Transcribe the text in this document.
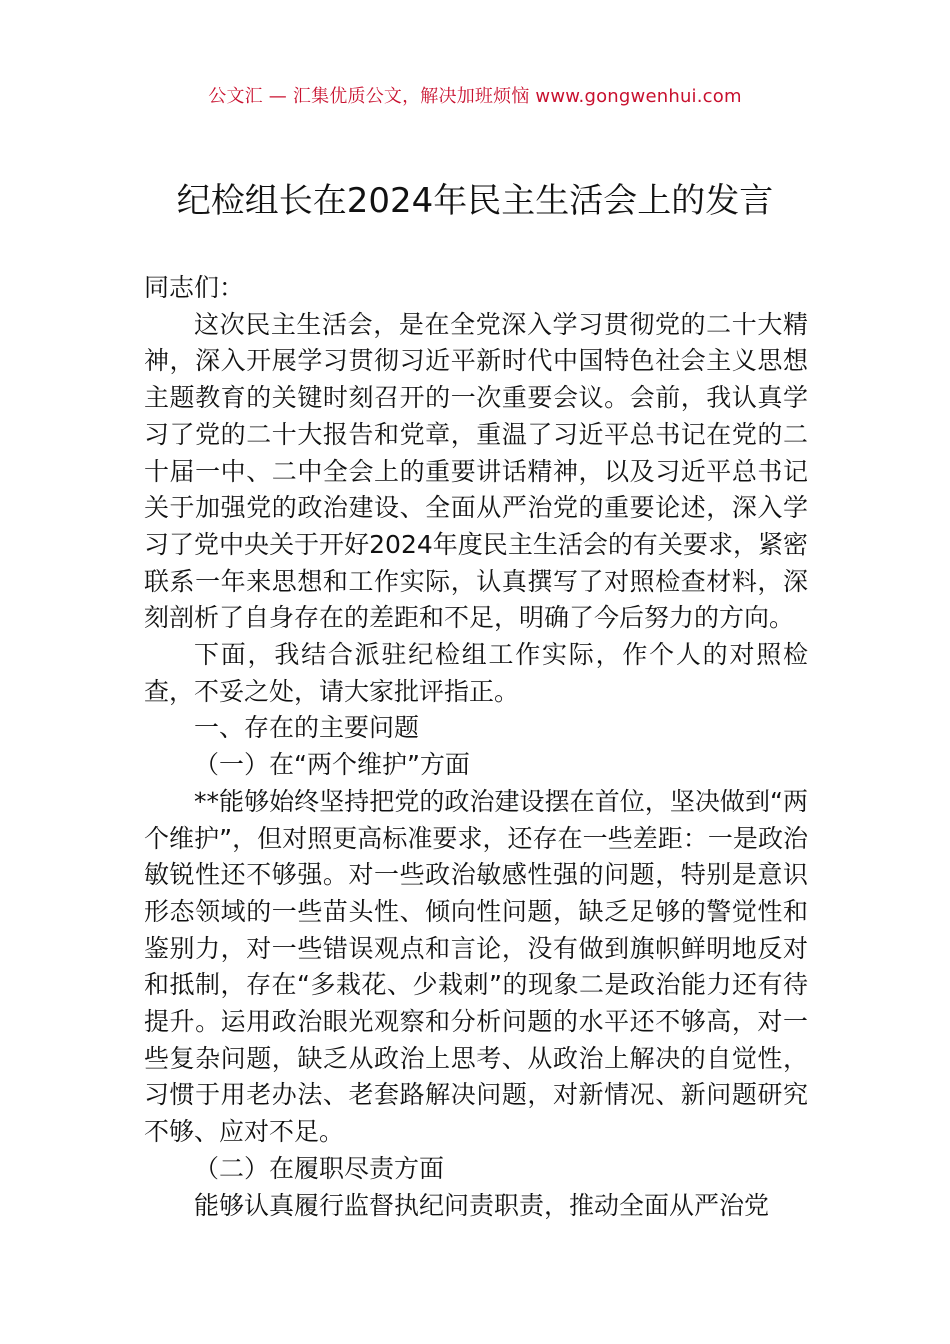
公文汇 — 汇集优质公文，解决加班烦恼 www.gongwenhui.com
纪检组长在2024年民主生活会上的发言

同志们：

这次民主生活会，是在全党深入学习贯彻党的二十大精神，深入开展学习贯彻习近平新时代中国特色社会主义思想主题教育的关键时刻召开的一次重要会议。会前，我认真学习了党的二十大报告和党章，重温了习近平总书记在党的二十届一中、二中全会上的重要讲话精神，以及习近平总书记关于加强党的政治建设、全面从严治党的重要论述，深入学习了党中央关于开好2024年度民主生活会的有关要求，紧密联系一年来思想和工作实际，认真撰写了对照检查材料，深刻剖析了自身存在的差距和不足，明确了今后努力的方向。

下面，我结合派驻纪检组工作实际，作个人的对照检查，不妥之处，请大家批评指正。

一、存在的主要问题

（一）在“两个维护”方面

**能够始终坚持把党的政治建设摆在首位，坚决做到“两个维护”，但对照更高标准要求，还存在一些差距：一是政治敏锐性还不够强。对一些政治敏感性强的问题，特别是意识形态领域的一些苗头性、倾向性问题，缺乏足够的警觉性和鉴别力，对一些错误观点和言论，没有做到旗帜鲜明地反对和抵制，存在“多栽花、少栽刺”的现象二是政治能力还有待提升。运用政治眼光观察和分析问题的水平还不够高，对一些复杂问题，缺乏从政治上思考、从政治上解决的自觉性，习惯于用老办法、老套路解决问题，对新情况、新问题研究不够、应对不足。

（二）在履职尽责方面

能够认真履行监督执纪问责职责，推动全面从严治党
